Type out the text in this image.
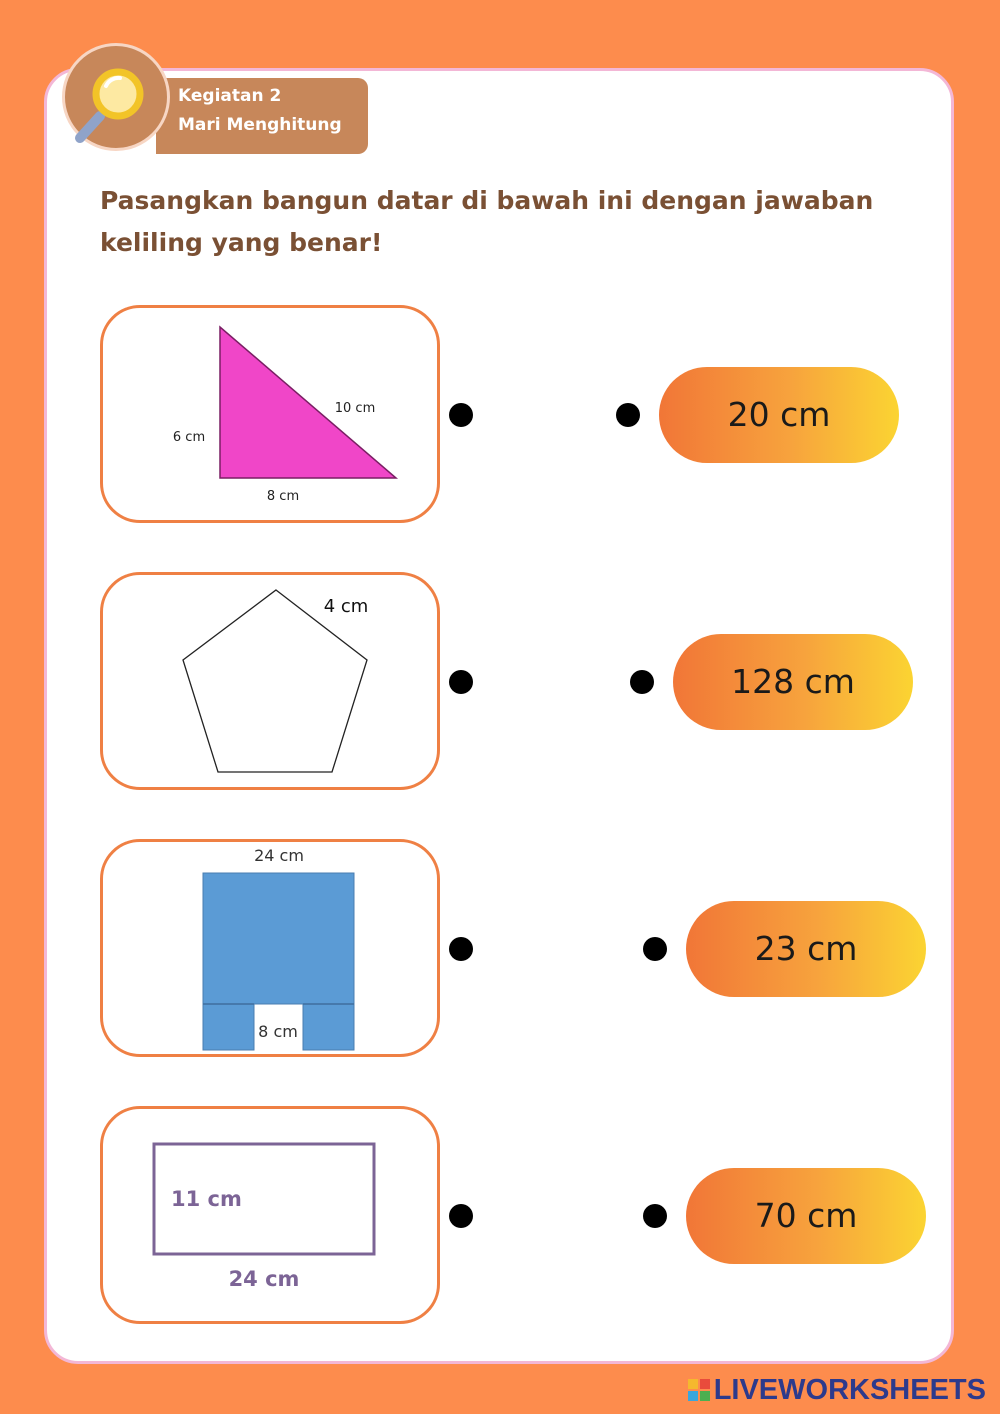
Kegiatan 2
Mari Menghitung
Pasangkan bangun datar di bawah ini dengan jawaban keliling yang benar!
6 cm
10 cm
8 cm
4 cm
24 cm
8 cm
11 cm
24 cm
20 cm
128 cm
23 cm
70 cm
LIVEWORKSHEETS
